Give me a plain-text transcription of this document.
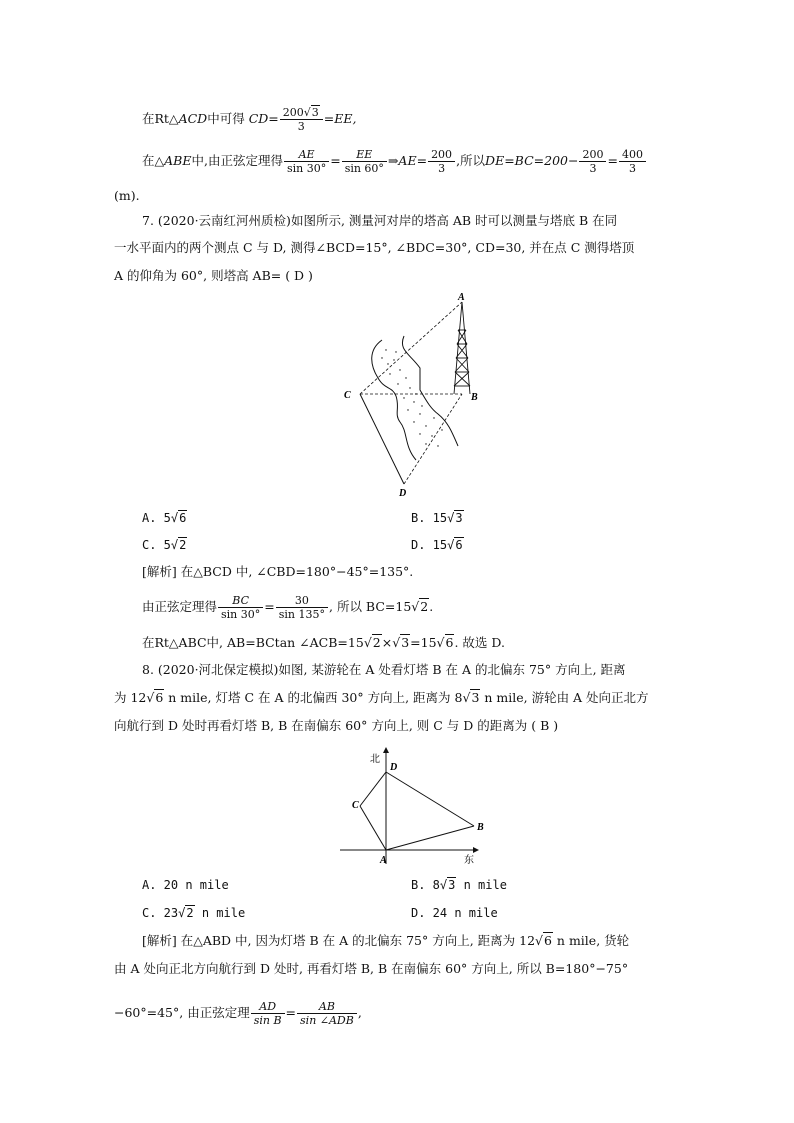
在Rt△ACD中可得 $CD= \frac{200√3}{3} =EE$,
在△ABE中,由正弦定理得 $\frac{AE}{\sin 30^\circ} = \frac{EE}{\sin 60^\circ}$ ⇒AE= $\frac{200}{3}$ ,所以$DE=BC=200- \frac{200}{3} = \frac{400}{3}$
(m).
7. (2020·云南红河州质检)如图所示, 测量河对岸的塔高 AB 时可以测量与塔底 B 在同
一水平面内的两个测点 C 与 D, 测得∠BCD=15°, ∠BDC=30°, CD=30, 并在点 C 测得塔顶
A 的仰角为 60°, 则塔高 AB= ( D )
A
B
C
D
A. 5√6	B. 15√3
C. 5√2	D. 15√6
[解析] 在△BCD 中, ∠CBD=180°−45°=135°.
由正弦定理得 $\frac{BC}{\sin 30^\circ} = \frac{30}{\sin 135^\circ}$ , 所以 BC=15√2.
在Rt△ABC中, AB=BCtan ∠ACB=15√2×√3=15√6. 故选 D.
8. (2020·河北保定模拟)如图, 某游轮在 A 处看灯塔 B 在 A 的北偏东 75° 方向上, 距离
为 12√6 n mile, 灯塔 C 在 A 的北偏西 30° 方向上, 距离为 8√3 n mile, 游轮由 A 处向正北方
向航行到 D 处时再看灯塔 B, B 在南偏东 60° 方向上, 则 C 与 D 的距离为 ( B )
北
东
A
B
C
D
A. 20 n mile	B. 8√3 n mile
C. 23√2 n mile	D. 24 n mile
[解析] 在△ABD 中, 因为灯塔 B 在 A 的北偏东 75° 方向上, 距离为 12√6 n mile, 货轮
由 A 处向正北方向航行到 D 处时, 再看灯塔 B, B 在南偏东 60° 方向上, 所以 B=180°−75°
−60°=45°, 由正弦定理 $\frac{AD}{\text{sin B}} = \frac{AB}{\text{sin ∠ADB}}$ ,
